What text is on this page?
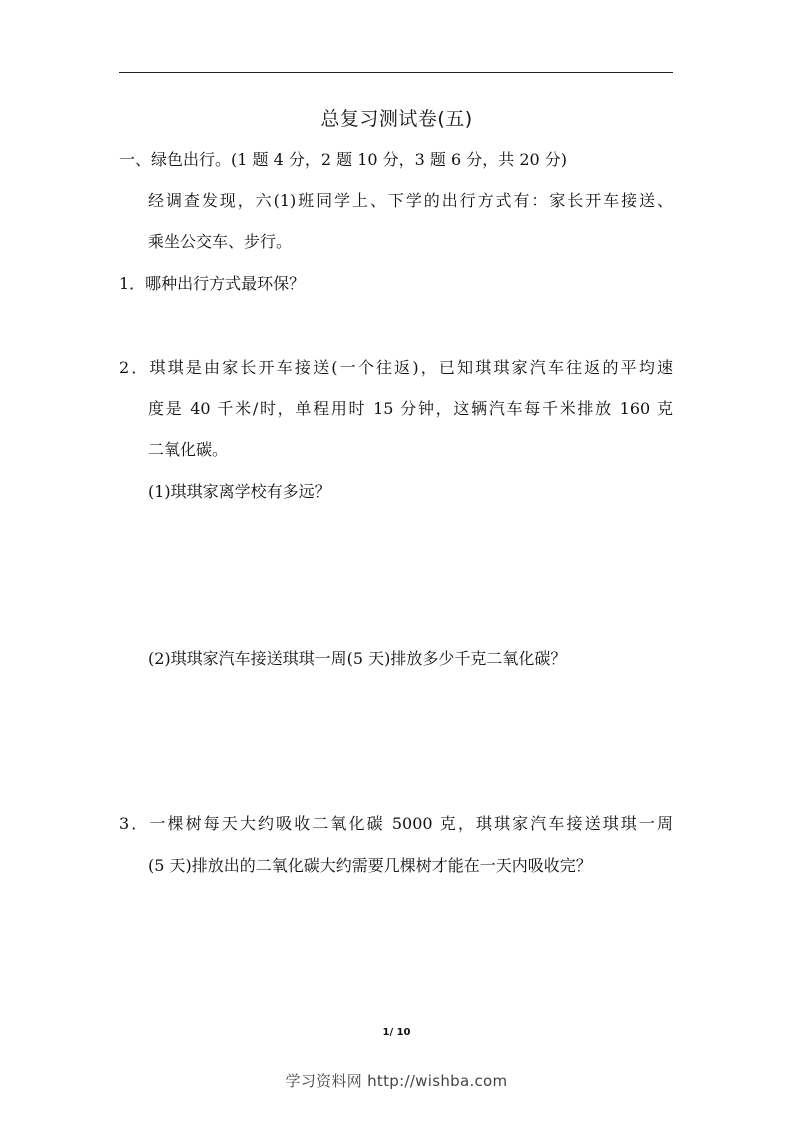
总复习测试卷(五)
一、绿色出行。(1 题 4 分，2 题 10 分，3 题 6 分，共 20 分)
经调查发现，六(1)班同学上、下学的出行方式有：家长开车接送、
乘坐公交车、步行。
1．哪种出行方式最环保？
2．琪琪是由家长开车接送(一个往返)，已知琪琪家汽车往返的平均速
度是 40 千米/时，单程用时 15 分钟，这辆汽车每千米排放 160 克
二氧化碳。
(1)琪琪家离学校有多远？
(2)琪琪家汽车接送琪琪一周(5 天)排放多少千克二氧化碳？
3．一棵树每天大约吸收二氧化碳 5000 克，琪琪家汽车接送琪琪一周
(5 天)排放出的二氧化碳大约需要几棵树才能在一天内吸收完？
1/ 10
学习资料网 http://wishba.com
